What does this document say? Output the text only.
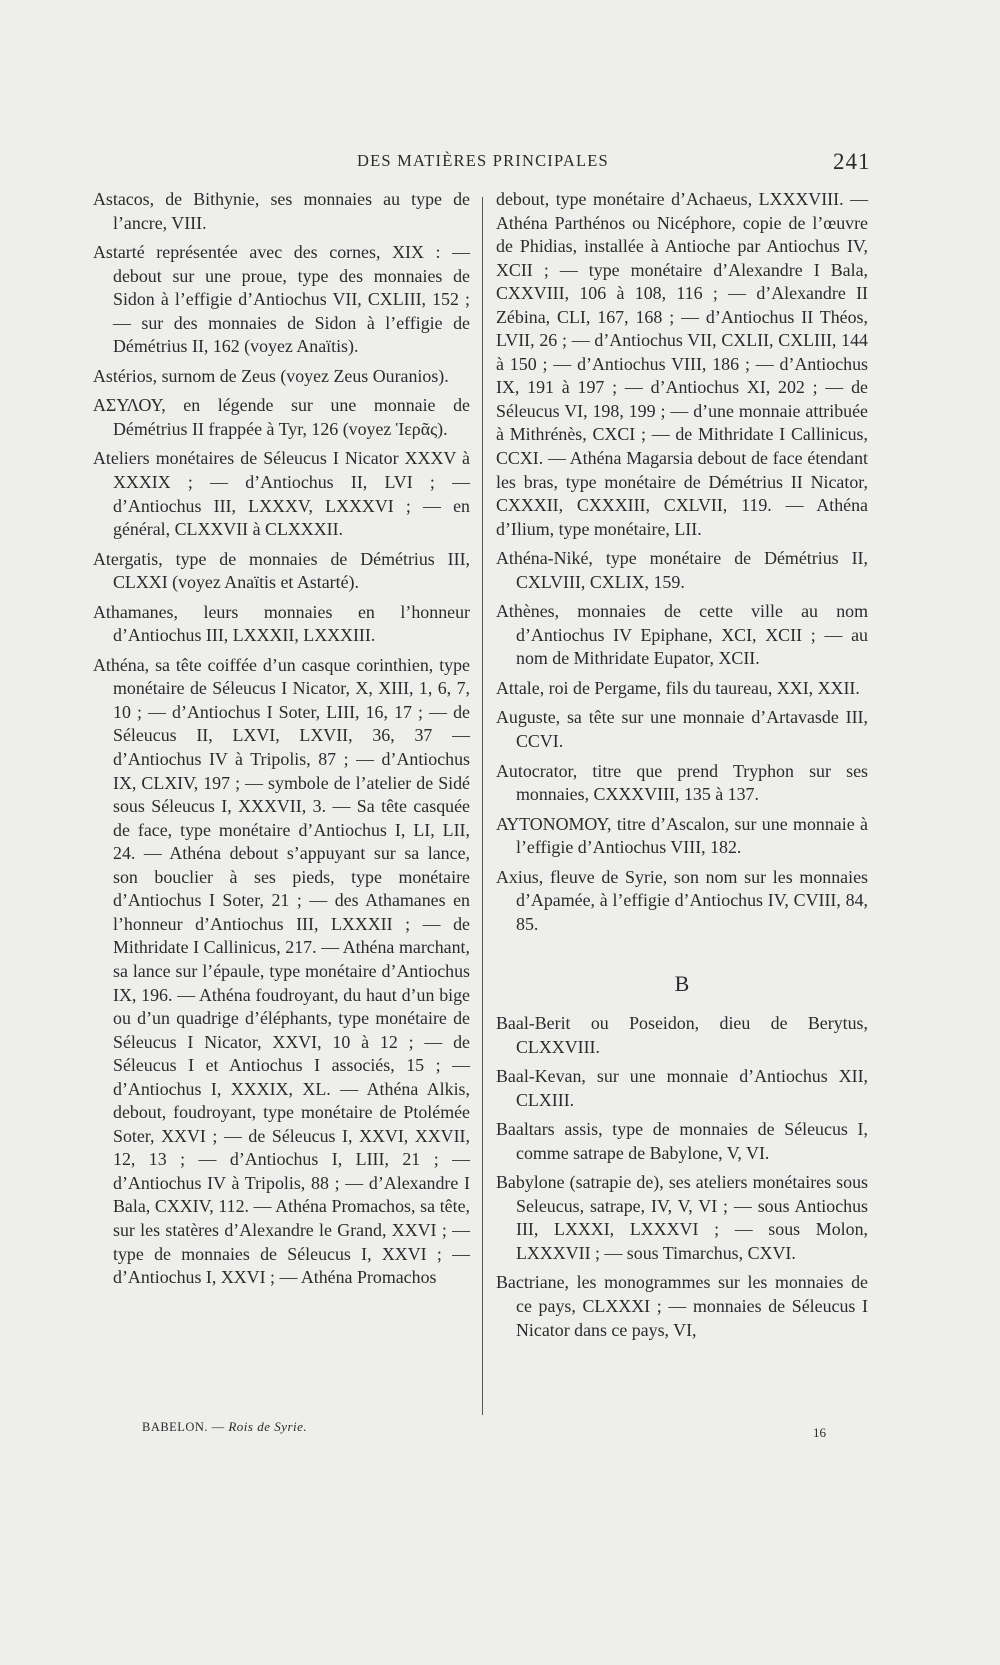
DES MATIÈRES PRINCIPALES	241

Astacos, de Bithynie, ses monnaies au type de l’ancre, VIII.

Astarté représentée avec des cornes, XIX : — debout sur une proue, type des monnaies de Sidon à l’effigie d’Antiochus VII, CXLIII, 152 ; — sur des monnaies de Sidon à l’effigie de Démétrius II, 162 (voyez Anaïtis).

Astérios, surnom de Zeus (voyez Zeus Ouranios).

ΑΣΥΛΟΥ, en légende sur une monnaie de Démétrius II frappée à Tyr, 126 (voyez Ἱερᾶς).

Ateliers monétaires de Séleucus I Nicator XXXV à XXXIX ; — d’Antiochus II, LVI ; — d’Antiochus III, LXXXV, LXXXVI ; — en général, CLXXVII à CLXXXII.

Atergatis, type de monnaies de Démétrius III, CLXXI (voyez Anaïtis et Astarté).

Athamanes, leurs monnaies en l’honneur d’Antiochus III, LXXXII, LXXXIII.

Athéna, sa tête coiffée d’un casque corinthien, type monétaire de Séleucus I Nicator, X, XIII, 1, 6, 7, 10 ; — d’Antiochus I Soter, LIII, 16, 17 ; — de Séleucus II, LXVI, LXVII, 36, 37 — d’Antiochus IV à Tripolis, 87 ; — d’Antiochus IX, CLXIV, 197 ; — symbole de l’atelier de Sidé sous Séleucus I, XXXVII, 3. — Sa tête casquée de face, type monétaire d’Antiochus I, LI, LII, 24. — Athéna debout s’appuyant sur sa lance, son bouclier à ses pieds, type monétaire d’Antiochus I Soter, 21 ; — des Athamanes en l’honneur d’Antiochus III, LXXXII ; — de Mithridate I Callinicus, 217. — Athéna marchant, sa lance sur l’épaule, type monétaire d’Antiochus IX, 196. — Athéna foudroyant, du haut d’un bige ou d’un quadrige d’éléphants, type monétaire de Séleucus I Nicator, XXVI, 10 à 12 ; — de Séleucus I et Antiochus I associés, 15 ; — d’Antiochus I, XXXIX, XL. — Athéna Alkis, debout, foudroyant, type monétaire de Ptolémée Soter, XXVI ; — de Séleucus I, XXVI, XXVII, 12, 13 ; — d’Antiochus I, LIII, 21 ; — d’Antiochus IV à Tripolis, 88 ; — d’Alexandre I Bala, CXXIV, 112. — Athéna Promachos, sa tête, sur les statères d’Alexandre le Grand, XXVI ; — type de monnaies de Séleucus I, XXVI ; — d’Antiochus I, XXVI ; — Athéna Promachos

debout, type monétaire d’Achaeus, LXXXVIII. — Athéna Parthénos ou Nicéphore, copie de l’œuvre de Phidias, installée à Antioche par Antiochus IV, XCII ; — type monétaire d’Alexandre I Bala, CXXVIII, 106 à 108, 116 ; — d’Alexandre II Zébina, CLI, 167, 168 ; — d’Antiochus II Théos, LVII, 26 ; — d’Antiochus VII, CXLII, CXLIII, 144 à 150 ; — d’Antiochus VIII, 186 ; — d’Antiochus IX, 191 à 197 ; — d’Antiochus XI, 202 ; — de Séleucus VI, 198, 199 ; — d’une monnaie attribuée à Mithrénès, CXCI ; — de Mithridate I Callinicus, CCXI. — Athéna Magarsia debout de face étendant les bras, type monétaire de Démétrius II Nicator, CXXXII, CXXXIII, CXLVII, 119. — Athéna d’Ilium, type monétaire, LII.

Athéna-Niké, type monétaire de Démétrius II, CXLVIII, CXLIX, 159.

Athènes, monnaies de cette ville au nom d’Antiochus IV Epiphane, XCI, XCII ; — au nom de Mithridate Eupator, XCII.

Attale, roi de Pergame, fils du taureau, XXI, XXII.

Auguste, sa tête sur une monnaie d’Artavasde III, CCVI.

Autocrator, titre que prend Tryphon sur ses monnaies, CXXXVIII, 135 à 137.

ΑΥΤΟΝΟΜΟΥ, titre d’Ascalon, sur une monnaie à l’effigie d’Antiochus VIII, 182.

Axius, fleuve de Syrie, son nom sur les monnaies d’Apamée, à l’effigie d’Antiochus IV, CVIII, 84, 85.

B

Baal-Berit ou Poseidon, dieu de Berytus, CLXXVIII.

Baal-Kevan, sur une monnaie d’Antiochus XII, CLXIII.

Baaltars assis, type de monnaies de Séleucus I, comme satrape de Babylone, V, VI.

Babylone (satrapie de), ses ateliers monétaires sous Seleucus, satrape, IV, V, VI ; — sous Antiochus III, LXXXI, LXXXVI ; — sous Molon, LXXXVII ; — sous Timarchus, CXVI.

Bactriane, les monogrammes sur les monnaies de ce pays, CLXXXI ; — monnaies de Séleucus I Nicator dans ce pays, VI,

BABELON. — Rois de Syrie.	16
